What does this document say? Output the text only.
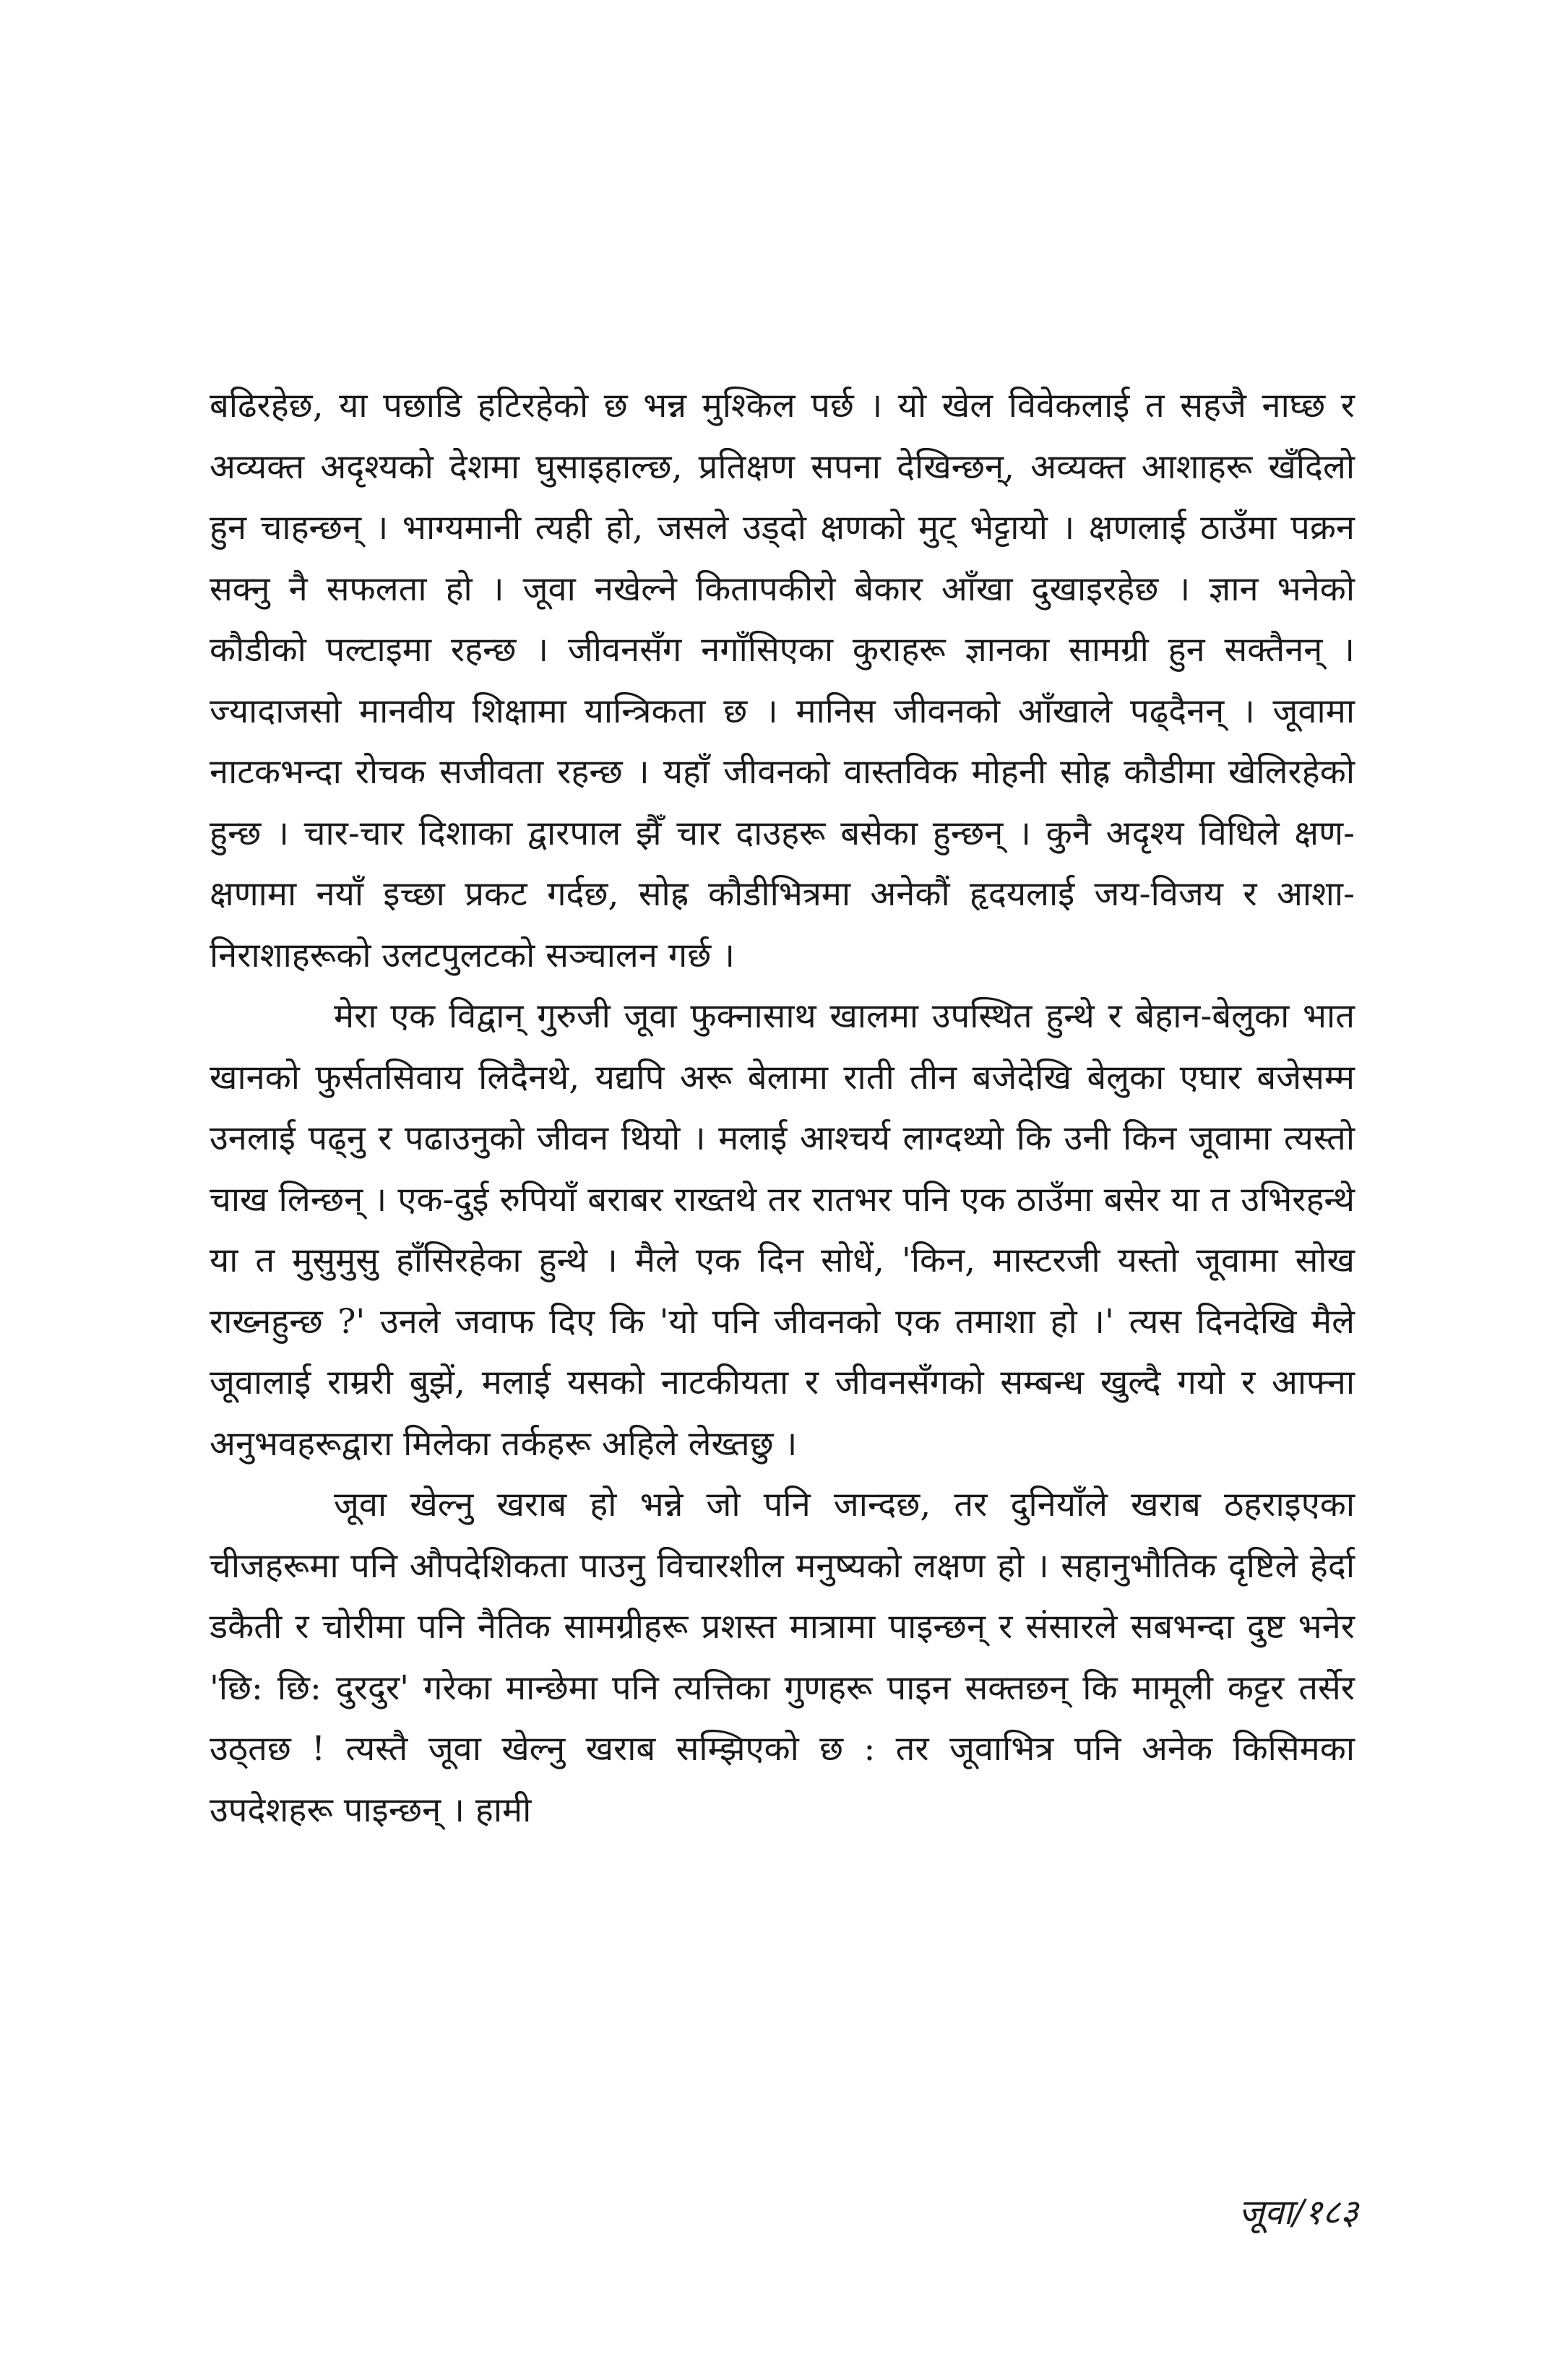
बढिरहेछ, या पछाडि हटिरहेको छ भन्न मुश्किल पर्छ । यो खेल विवेकलाई त सहजै नाघ्छ र अव्यक्त अदृश्यको देशमा घुसाइहाल्छ, प्रतिक्षण सपना देखिन्छन्, अव्यक्त आशाहरू खँदिलो हुन चाहन्छन् । भाग्यमानी त्यही हो, जसले उड्दो क्षणको मुट् भेट्टायो । क्षणलाई ठाउँमा पक्रन सक्नु नै सफलता हो । जूवा नखेल्ने कितापकीरो बेकार आँखा दुखाइरहेछ । ज्ञान भनेको कौडीको पल्टाइमा रहन्छ । जीवनसँग नगाँसिएका कुराहरू ज्ञानका सामग्री हुन सक्तैनन् । ज्यादाजसो मानवीय शिक्षामा यान्त्रिकता छ । मानिस जीवनको आँखाले पढ्दैनन् । जूवामा नाटकभन्दा रोचक सजीवता रहन्छ । यहाँ जीवनको वास्तविक मोहनी सोह्र कौडीमा खेलिरहेको हुन्छ । चार-चार दिशाका द्वारपाल झैँ चार दाउहरू बसेका हुन्छन् । कुनै अदृश्य विधिले क्षण-क्षणामा नयाँ इच्छा प्रकट गर्दछ, सोह्र कौडीभित्रमा अनेकौं हृदयलाई जय-विजय र आशा-निराशाहरूको उलटपुलटको सञ्चालन गर्छ ।

मेरा एक विद्वान् गुरुजी जूवा फुक्नासाथ खालमा उपस्थित हुन्थे र बेहान-बेलुका भात खानको फुर्सतसिवाय लिदैनथे, यद्यपि अरू बेलामा राती तीन बजेदेखि बेलुका एघार बजेसम्म उनलाई पढ्नु र पढाउनुको जीवन थियो । मलाई आश्चर्य लाग्दथ्यो कि उनी किन जूवामा त्यस्तो चाख लिन्छन् । एक-दुई रुपियाँ बराबर राख्तथे तर रातभर पनि एक ठाउँमा बसेर या त उभिरहन्थे या त मुसुमुसु हाँसिरहेका हुन्थे । मैले एक दिन सोधें, 'किन, मास्टरजी यस्तो जूवामा सोख राख्नहुन्छ ?' उनले जवाफ दिए कि 'यो पनि जीवनको एक तमाशा हो ।' त्यस दिनदेखि मैले जूवालाई राम्ररी बुझें, मलाई यसको नाटकीयता र जीवनसँगको सम्बन्ध खुल्दै गयो र आफ्ना अनुभवहरूद्वारा मिलेका तर्कहरू अहिले लेख्तछु ।

जूवा खेल्नु खराब हो भन्ने जो पनि जान्दछ, तर दुनियाँले खराब ठहराइएका चीजहरूमा पनि औपदेशिकता पाउनु विचारशील मनुष्यको लक्षण हो । सहानुभौतिक दृष्टिले हेर्दा डकैती र चोरीमा पनि नैतिक सामग्रीहरू प्रशस्त मात्रामा पाइन्छन् र संसारले सबभन्दा दुष्ट भनेर 'छि: छि: दुरदुर' गरेका मान्छेमा पनि त्यत्तिका गुणहरू पाइन सक्तछन् कि मामूली कट्टर तर्सेर उठ्तछ ! त्यस्तै जूवा खेल्नु खराब सम्झिएको छ : तर जूवाभित्र पनि अनेक किसिमका उपदेशहरू पाइन्छन् । हामी

जूवा/१८३
